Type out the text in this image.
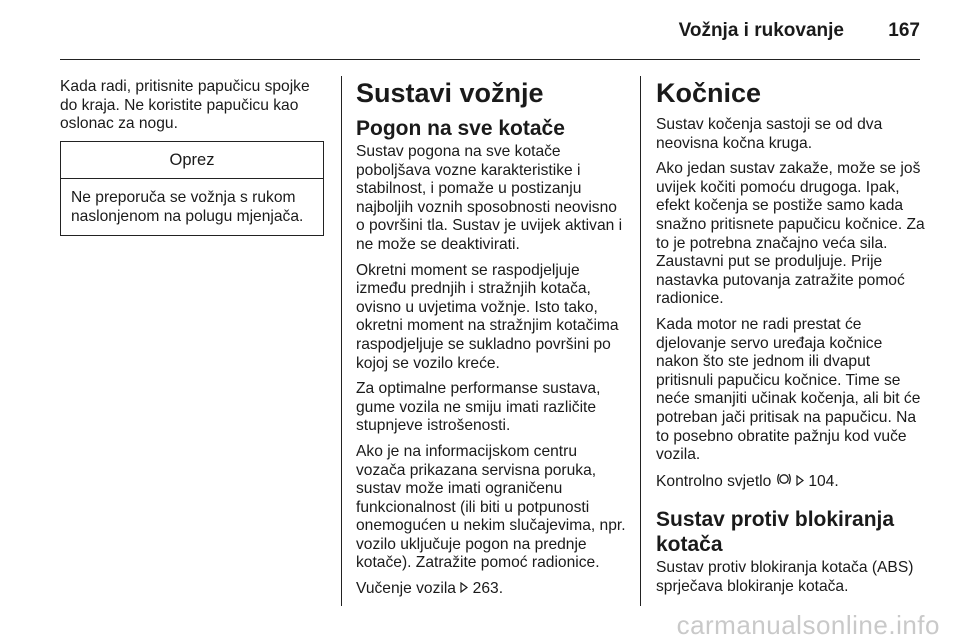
Vožnja i rukovanje 167

Kada radi, pritisnite papučicu spojke do kraja. Ne koristite papučicu kao oslonac za nogu.

Oprez
Ne preporuča se vožnja s rukom naslonjenom na polugu mjenjača.
Sustavi vožnje
Pogon na sve kotače

Sustav pogona na sve kotače poboljšava vozne karakteristike i stabilnost, i pomaže u postizanju najboljih voznih sposobnosti neovisno o površini tla. Sustav je uvijek aktivan i ne može se deaktivirati.

Okretni moment se raspodjeljuje između prednjih i stražnjih kotača, ovisno u uvjetima vožnje. Isto tako, okretni moment na stražnjim kotačima raspodjeljuje se sukladno površini po kojoj se vozilo kreće.

Za optimalne performanse sustava, gume vozila ne smiju imati različite stupnjeve istrošenosti.

Ako je na informacijskom centru vozača prikazana servisna poruka, sustav može imati ograničenu funkcionalnost (ili biti u potpunosti onemogućen u nekim slučajevima, npr. vozilo uključuje pogon na prednje kotače). Zatražite pomoć radionice.

Vučenje vozila 263.

Kočnice

Sustav kočenja sastoji se od dva neovisna kočna kruga.

Ako jedan sustav zakaže, može se još uvijek kočiti pomoću drugoga. Ipak, efekt kočenja se postiže samo kada snažno pritisnete papučicu kočnice. Za to je potrebna značajno veća sila. Zaustavni put se produljuje. Prije nastavka putovanja zatražite pomoć radionice.

Kada motor ne radi prestat će djelovanje servo uređaja kočnice nakon što ste jednom ili dvaput pritisnuli papučicu kočnice. Time se neće smanjiti učinak kočenja, ali bit će potreban jači pritisak na papučicu. Na to posebno obratite pažnju kod vuče vozila.

Kontrolno svjetlo 104.

Sustav protiv blokiranja kotača

Sustav protiv blokiranja kotača (ABS) sprječava blokiranje kotača.

carmanualsonline.info
